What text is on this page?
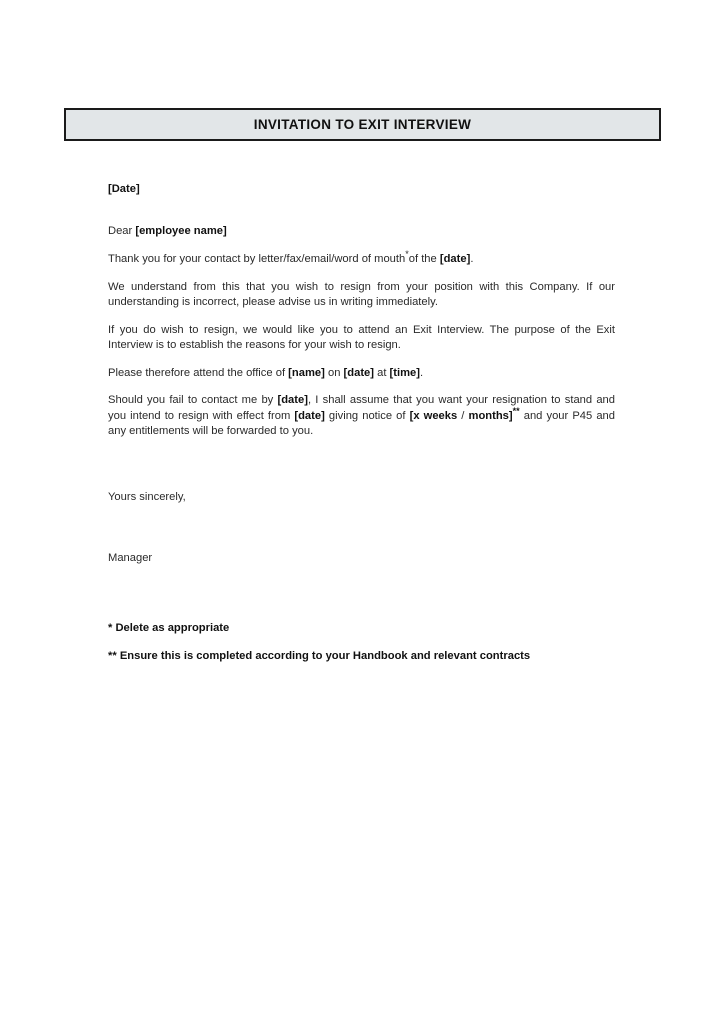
INVITATION TO EXIT INTERVIEW
[Date]
Dear [employee name]
Thank you for your contact by letter/fax/email/word of mouth*of the [date].
We understand from this that you wish to resign from your position with this Company. If our understanding is incorrect, please advise us in writing immediately.
If you do wish to resign, we would like you to attend an Exit Interview. The purpose of the Exit Interview is to establish the reasons for your wish to resign.
Please therefore attend the office of [name] on [date] at [time].
Should you fail to contact me by [date], I shall assume that you want your resignation to stand and you intend to resign with effect from [date] giving notice of [x weeks / months]** and your P45 and any entitlements will be forwarded to you.
Yours sincerely,
Manager
* Delete as appropriate
** Ensure this is completed according to your Handbook and relevant contracts
